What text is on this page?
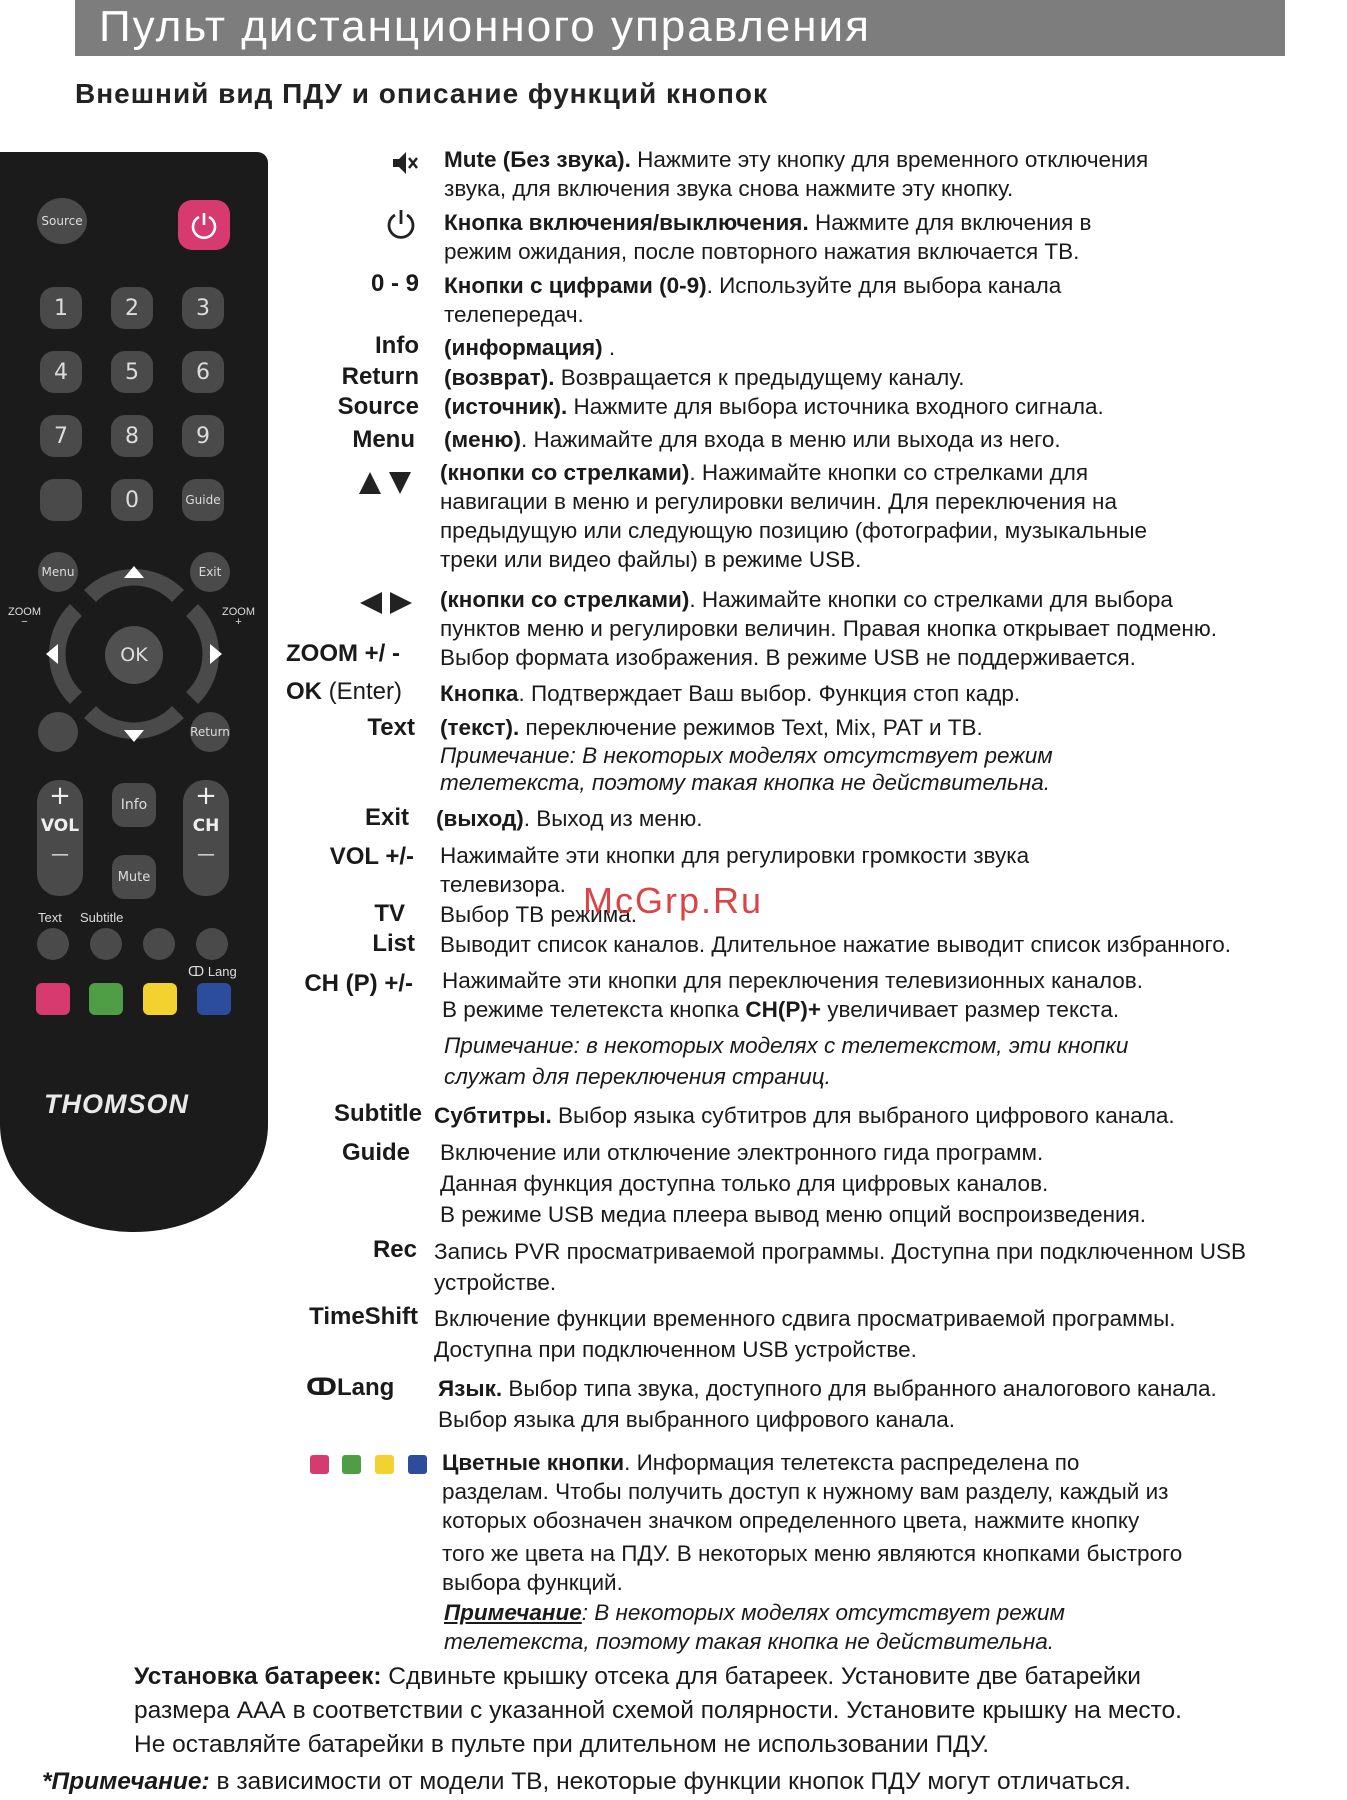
Пульт дистанционного управления
Внешний вид ПДУ и описание функций кнопок
Source
1	2	3
4	5	6
7	8	9
0	Guide
Menu	Exit
ZOOM
−
ZOOM
+
OK
Return
+
VOL
—
+
CH
—
Info
Mute
Text Subtitle
ↀ Lang
THOMSON
Mute (Без звука). Нажмите эту кнопку для временного отключения
звука, для включения звука снова нажмите эту кнопку.
Кнопка включения/выключения. Нажмите для включения в
режим ожидания, после повторного нажатия включается ТВ.
0 - 9 Кнопки с цифрами (0-9). Используйте для выбора канала
телепередач.
Info (информация) .
Return (возврат). Возвращается к предыдущему каналу.
Source (источник). Нажмите для выбора источника входного сигнала.
Menu (меню). Нажимайте для входа в меню или выхода из него.
(кнопки со стрелками). Нажимайте кнопки со стрелками для
навигации в меню и регулировки величин. Для переключения на
предыдущую или следующую позицию (фотографии, музыкальные
треки или видео файлы) в режиме USB.
(кнопки со стрелками). Нажимайте кнопки со стрелками для выбора
пунктов меню и регулировки величин. Правая кнопка открывает подменю.
ZOOM +/ - Выбор формата изображения. В режиме USB не поддерживается.
OK (Enter) Кнопка. Подтверждает Ваш выбор. Функция стоп кадр.
Text (текст). переключение режимов Text, Mix, PAT и TB.
Примечание: В некоторых моделях отсутствует режим
телетекста, поэтому такая кнопка не действительна.
Exit (выход). Выход из меню.
VOL +/- Нажимайте эти кнопки для регулировки громкости звука
телевизора.
TV Выбор ТВ режима.
List Выводит список каналов. Длительное нажатие выводит список избранного.
CH (P) +/- Нажимайте эти кнопки для переключения телевизионных каналов.
В режиме телетекста кнопка CH(P)+ увеличивает размер текста.
Примечание: в некоторых моделях с телетекстом, эти кнопки
служат для переключения страниц.
Subtitle Субтитры. Выбор языка субтитров для выбраного цифрового канала.
Guide Включение или отключение электронного гида программ.
Данная функция доступна только для цифровых каналов.
В режиме USB медиа плеера вывод меню опций воспроизведения.
Rec Запись PVR просматриваемой программы. Доступна при подключенном USB
устройстве.
TimeShift Включение функции временного сдвига просматриваемой программы.
Доступна при подключенном USB устройстве.
ↀLang Язык. Выбор типа звука, доступного для выбранного аналогового канала.
Выбор языка для выбранного цифрового канала.
Цветные кнопки. Информация телетекста распределена по
разделам. Чтобы получить доступ к нужному вам разделу, каждый из
которых обозначен значком определенного цвета, нажмите кнопку
того же цвета на ПДУ. В некоторых меню являются кнопками быстрого
выбора функций.
Примечание: В некоторых моделях отсутствует режим
телетекста, поэтому такая кнопка не действительна.
McGrp.Ru
Установка батареек: Сдвиньте крышку отсека для батареек. Установите две батарейки
размера ААА в соответствии с указанной схемой полярности. Установите крышку на место.
Не оставляйте батарейки в пульте при длительном не использовании ПДУ.
*Примечание: в зависимости от модели ТВ, некоторые функции кнопок ПДУ могут отличаться.
